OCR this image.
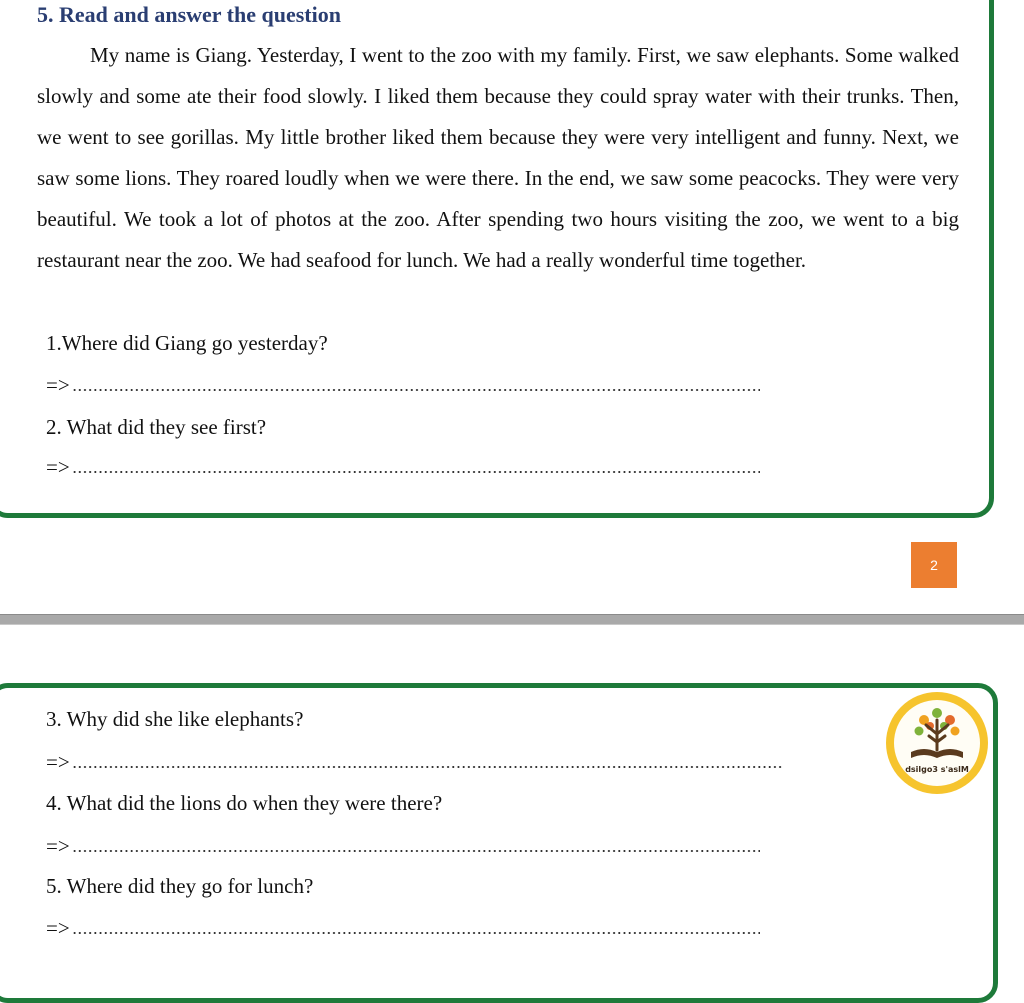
5. Read and answer the question

My name is Giang. Yesterday, I went to the zoo with my family. First, we saw elephants. Some walked slowly and some ate their food slowly. I liked them because they could spray water with their trunks. Then, we went to see gorillas. My little brother liked them because they were very intelligent and funny. Next, we saw some lions. They roared loudly when we were there. In the end, we saw some peacocks. They were very beautiful. We took a lot of photos at the zoo. After spending two hours visiting the zoo, we went to a big restaurant near the zoo. We had seafood for lunch. We had a really wonderful time together.

1.Where did Giang go yesterday?
=>
2. What did they see first?
=>
2
dsilgo3 s'aslM
3. Why did she like elephants?
=>
4. What did the lions do when they were there?
=>
5. Where did they go for lunch?
=>
